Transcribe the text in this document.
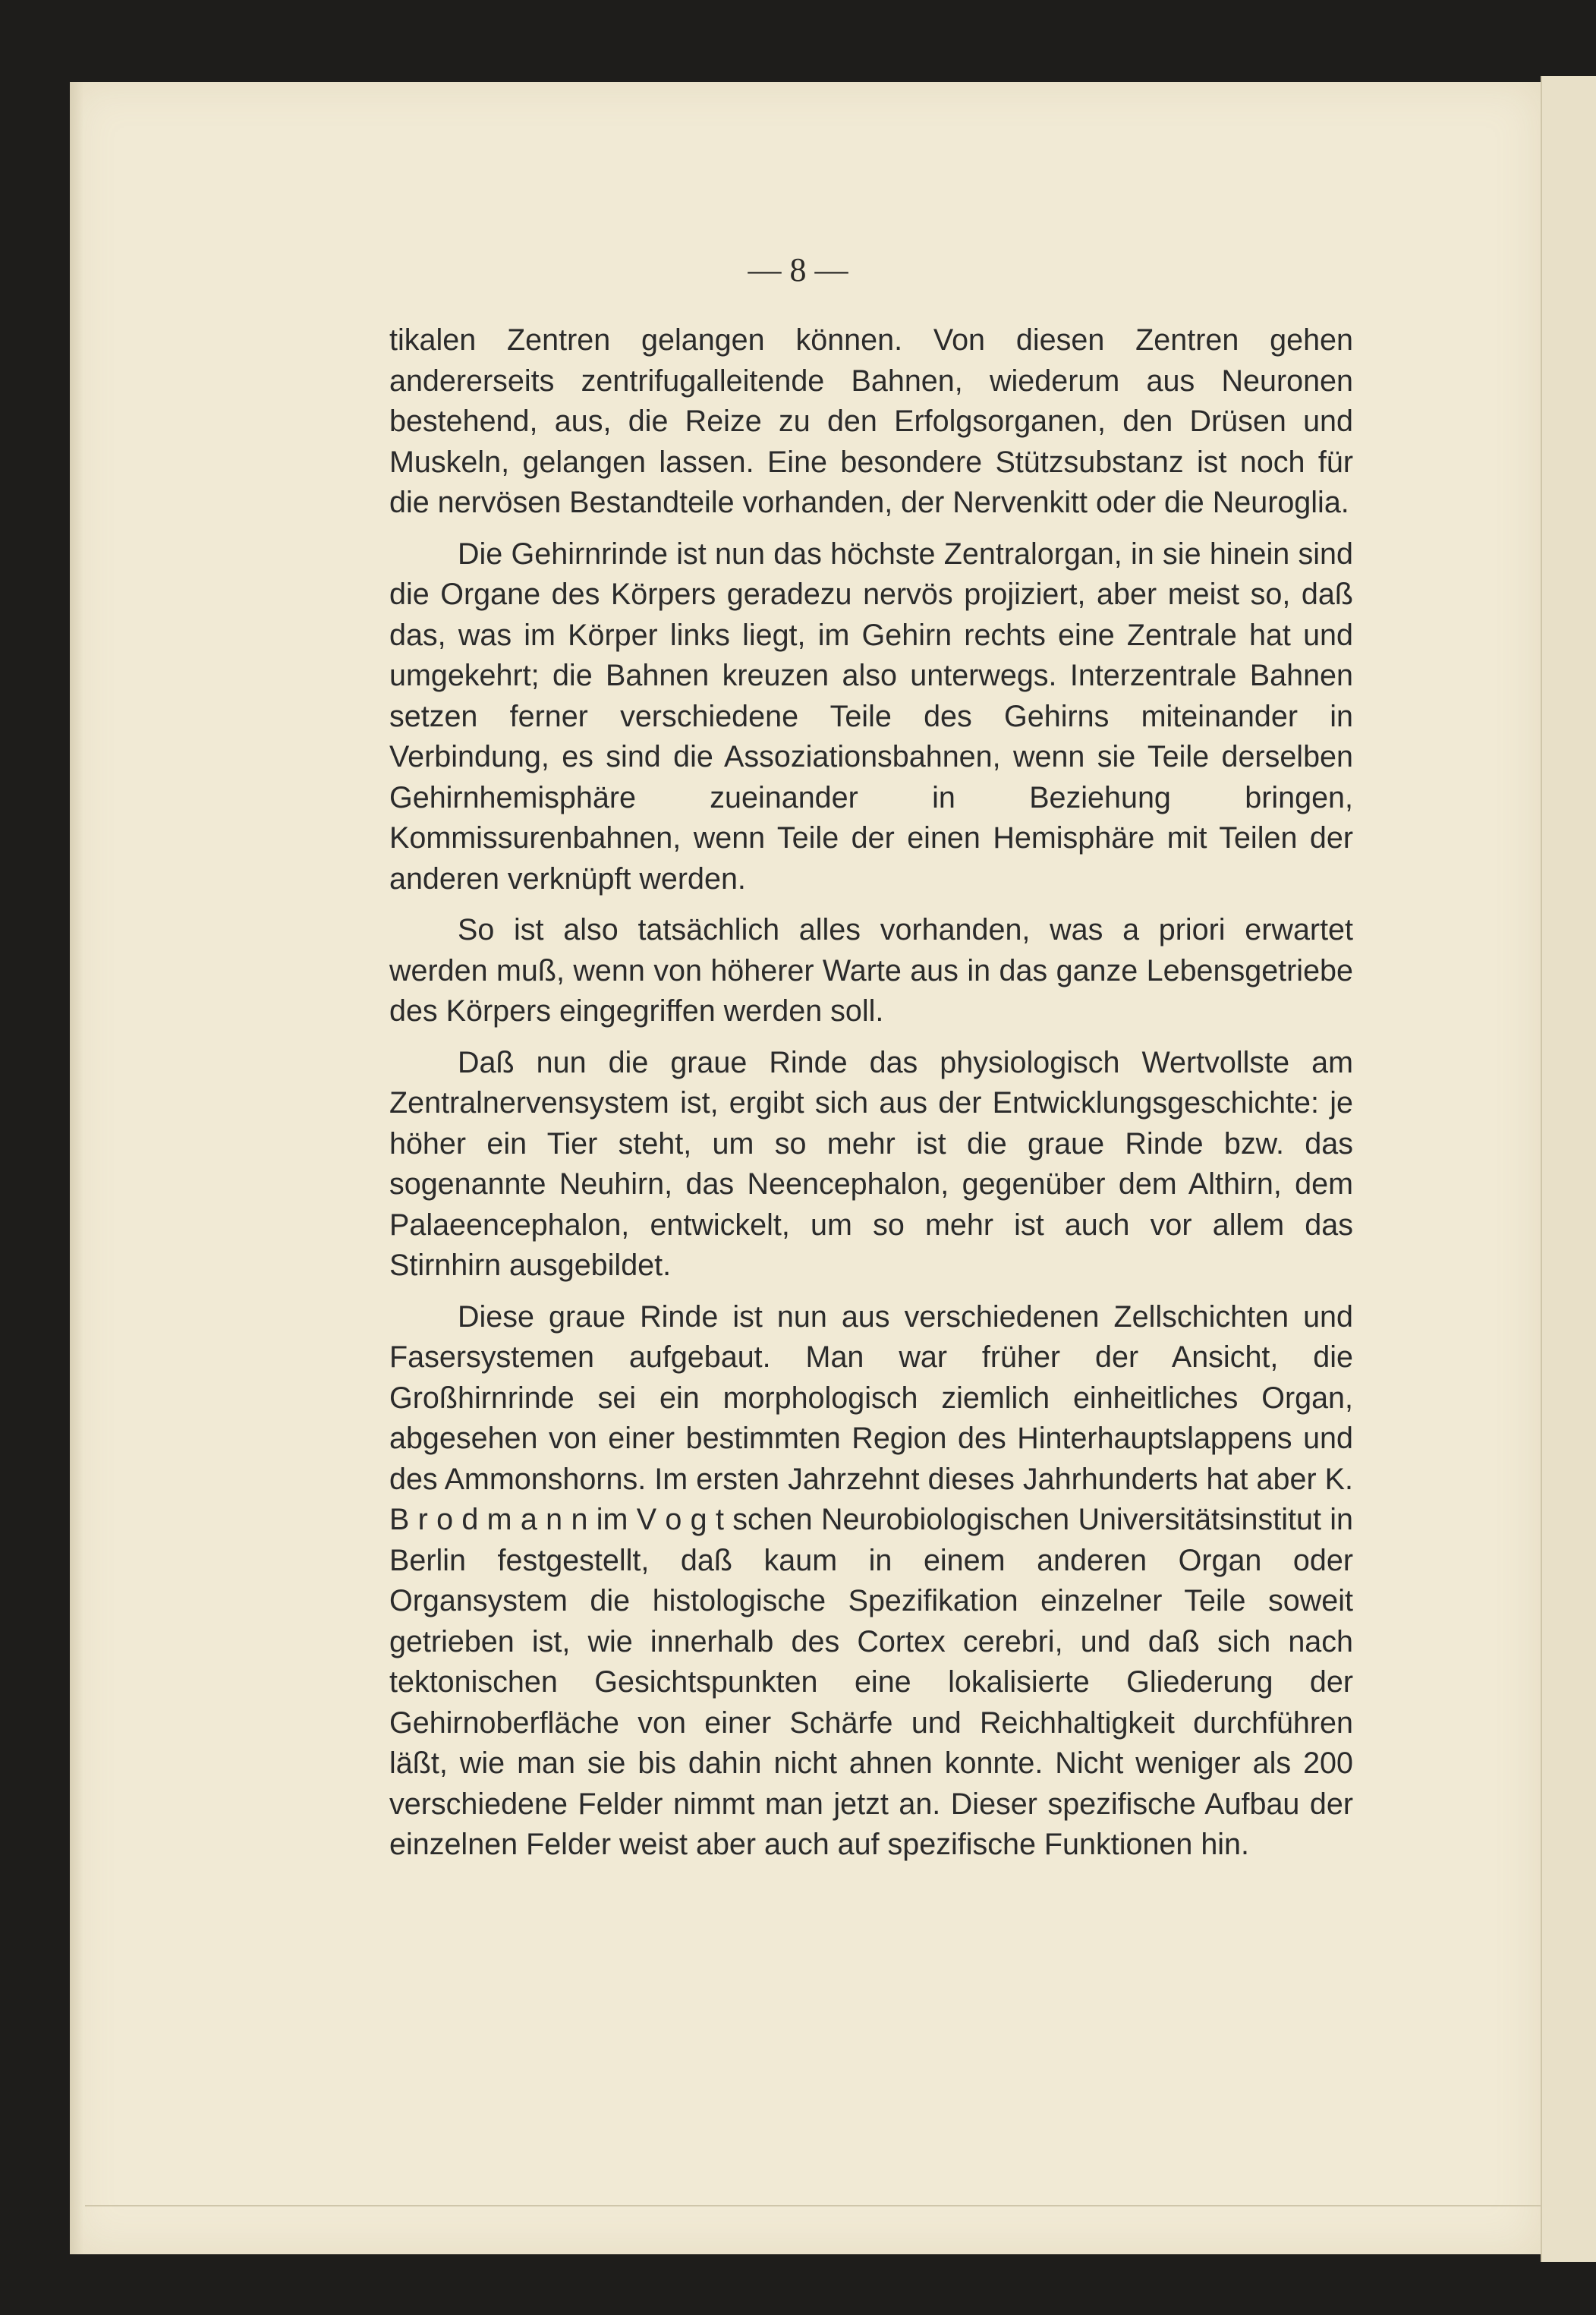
— 8 —

tikalen Zentren gelangen können. Von diesen Zentren gehen andererseits zentrifugalleitende Bahnen, wiederum aus Neuronen bestehend, aus, die Reize zu den Erfolgsorganen, den Drüsen und Muskeln, gelangen lassen. Eine besondere Stützsubstanz ist noch für die nervösen Bestandteile vorhanden, der Nervenkitt oder die Neuroglia.

Die Gehirnrinde ist nun das höchste Zentralorgan, in sie hinein sind die Organe des Körpers geradezu nervös projiziert, aber meist so, daß das, was im Körper links liegt, im Gehirn rechts eine Zentrale hat und umgekehrt; die Bahnen kreuzen also unterwegs. Interzentrale Bahnen setzen ferner verschiedene Teile des Gehirns miteinander in Verbindung, es sind die Assoziationsbahnen, wenn sie Teile derselben Gehirnhemisphäre zueinander in Beziehung bringen, Kommissurenbahnen, wenn Teile der einen Hemisphäre mit Teilen der anderen verknüpft werden.

So ist also tatsächlich alles vorhanden, was a priori erwartet werden muß, wenn von höherer Warte aus in das ganze Lebensgetriebe des Körpers eingegriffen werden soll.

Daß nun die graue Rinde das physiologisch Wertvollste am Zentralnervensystem ist, ergibt sich aus der Entwicklungsgeschichte: je höher ein Tier steht, um so mehr ist die graue Rinde bzw. das sogenannte Neuhirn, das Neencephalon, gegenüber dem Althirn, dem Palaeencephalon, entwickelt, um so mehr ist auch vor allem das Stirnhirn ausgebildet.

Diese graue Rinde ist nun aus verschiedenen Zellschichten und Fasersystemen aufgebaut. Man war früher der Ansicht, die Großhirnrinde sei ein morphologisch ziemlich einheitliches Organ, abgesehen von einer bestimmten Region des Hinterhauptslappens und des Ammonshorns. Im ersten Jahrzehnt dieses Jahrhunderts hat aber K. B r o d m a n n im V o g t schen Neurobiologischen Universitätsinstitut in Berlin festgestellt, daß kaum in einem anderen Organ oder Organsystem die histologische Spezifikation einzelner Teile soweit getrieben ist, wie innerhalb des Cortex cerebri, und daß sich nach tektonischen Gesichtspunkten eine lokalisierte Gliederung der Gehirnoberfläche von einer Schärfe und Reichhaltigkeit durchführen läßt, wie man sie bis dahin nicht ahnen konnte. Nicht weniger als 200 verschiedene Felder nimmt man jetzt an. Dieser spezifische Aufbau der einzelnen Felder weist aber auch auf spezifische Funktionen hin.
